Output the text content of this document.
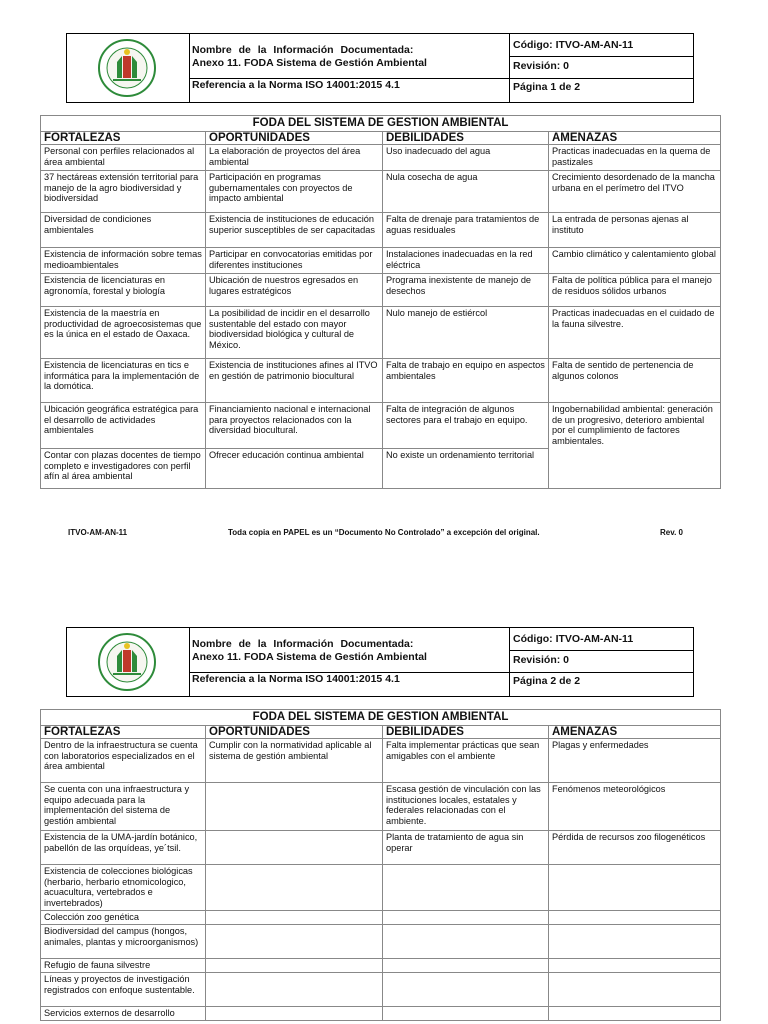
Nombre de la Información Documentada:
Anexo 11. FODA Sistema de Gestión Ambiental
Referencia a la Norma ISO 14001:2015 4.1
Código: ITVO-AM-AN-11
Revisión: 0
Página 1 de 2
FODA DEL SISTEMA DE GESTION AMBIENTAL			
FORTALEZAS	OPORTUNIDADES	DEBILIDADES	AMENAZAS
Personal con perfiles relacionados al área ambiental	La elaboración de proyectos del área ambiental	Uso inadecuado del agua	Practicas inadecuadas en la quema de pastizales
37 hectáreas extensión territorial para manejo de la agro biodiversidad y biodiversidad	Participación en programas gubernamentales con proyectos de impacto ambiental	Nula cosecha de agua	Crecimiento desordenado de la mancha urbana en el perímetro del ITVO
Diversidad de condiciones ambientales	Existencia de instituciones de educación superior susceptibles de ser capacitadas	Falta de drenaje para tratamientos de aguas residuales	La entrada de personas ajenas al instituto
Existencia de información sobre temas medioambientales	Participar en convocatorias emitidas por diferentes instituciones	Instalaciones inadecuadas en la red eléctrica	Cambio climático y calentamiento global
Existencia de licenciaturas en agronomía, forestal y biología	Ubicación de nuestros egresados en lugares estratégicos	Programa inexistente de manejo de desechos	Falta de política pública para el manejo de residuos sólidos urbanos
Existencia de la maestría en productividad de agroecosistemas que es la única en el estado de Oaxaca.	La posibilidad de incidir en el desarrollo sustentable del estado con mayor biodiversidad biológica y cultural de México.	Nulo manejo de estiércol	Practicas inadecuadas en el cuidado de la fauna silvestre.
Existencia de licenciaturas en tics e informática para la implementación de la domótica.	Existencia de instituciones afines al ITVO en gestión de patrimonio biocultural	Falta de trabajo en equipo en aspectos ambientales	Falta de sentido de pertenencia de algunos colonos
Ubicación geográfica estratégica para el desarrollo de actividades ambientales	Financiamiento nacional e internacional para proyectos relacionados con la diversidad biocultural.	Falta de integración de algunos sectores para el trabajo en equipo.	Ingobernabilidad ambiental: generación de un progresivo, deterioro ambiental por el cumplimiento de factores ambientales.
Contar con plazas docentes de tiempo completo e investigadores con perfil afín al área ambiental	Ofrecer educación continua ambiental	No existe un ordenamiento territorial	
ITVO-AM-AN-11	Toda copia en PAPEL es un “Documento No Controlado” a excepción del original.	Rev. 0
Nombre de la Información Documentada:
Anexo 11. FODA Sistema de Gestión Ambiental
Referencia a la Norma ISO 14001:2015 4.1
Código: ITVO-AM-AN-11
Revisión: 0
Página 2 de 2
FODA DEL SISTEMA DE GESTION AMBIENTAL			
FORTALEZAS	OPORTUNIDADES	DEBILIDADES	AMENAZAS
Dentro de la infraestructura se cuenta con laboratorios especializados en el área ambiental	Cumplir con la normatividad aplicable al sistema de gestión ambiental	Falta implementar prácticas que sean amigables con el ambiente	Plagas y enfermedades
Se cuenta con una infraestructura y equipo adecuada para la implementación del sistema de gestión ambiental		Escasa gestión de vinculación con las instituciones locales, estatales y federales relacionadas con el ambiente.	Fenómenos meteorológicos
Existencia de la UMA-jardín botánico, pabellón de las orquídeas, ye´tsil.		Planta de tratamiento de agua sin operar	Pérdida de recursos zoo filogenéticos
Existencia de colecciones biológicas (herbario, herbario etnomicologico, acuacultura, vertebrados e invertebrados)			
Colección zoo genética			
Biodiversidad del campus (hongos, animales, plantas y microorganismos)			
Refugio de fauna silvestre			
Líneas y proyectos de investigación registrados con enfoque sustentable.			
Servicios externos de desarrollo			
